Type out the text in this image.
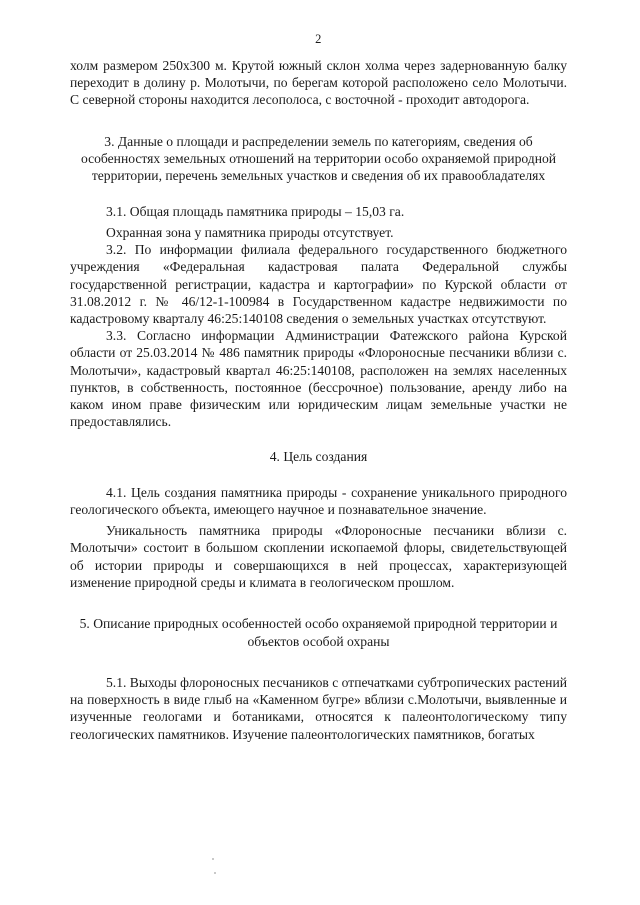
2

холм размером 250х300 м. Крутой южный склон холма через задернованную балку переходит в долину р. Молотычи, по берегам которой расположено село Молотычи. С северной стороны находится лесополоса, с восточной - проходит автодорога.

3. Данные о площади и распределении земель по категориям, сведения об особенностях земельных отношений на территории особо охраняемой природной территории, перечень земельных участков и сведения об их правообладателях

3.1. Общая площадь памятника природы – 15,03 га.

Охранная зона у памятника природы отсутствует.

3.2. По информации филиала федерального государственного бюджетного учреждения «Федеральная кадастровая палата Федеральной службы государственной регистрации, кадастра и картографии» по Курской области от 31.08.2012 г. № 46/12-1-100984 в Государственном кадастре недвижимости по кадастровому кварталу 46:25:140108 сведения о земельных участках отсутствуют.

3.3. Согласно информации Администрации Фатежского района Курской области от 25.03.2014 № 486 памятник природы «Флороносные песчаники вблизи с. Молотычи», кадастровый квартал 46:25:140108, расположен на землях населенных пунктов, в собственность, постоянное (бессрочное) пользование, аренду либо на каком ином праве физическим или юридическим лицам земельные участки не предоставлялись.

4. Цель создания

4.1. Цель создания памятника природы - сохранение уникального природного геологического объекта, имеющего научное и познавательное значение.

Уникальность памятника природы «Флороносные песчаники вблизи с. Молотычи» состоит в большом скоплении ископаемой флоры, свидетельствующей об истории природы и совершающихся в ней процессах, характеризующей изменение природной среды и климата в геологическом прошлом.

5. Описание природных особенностей особо охраняемой природной территории и объектов особой охраны

5.1. Выходы флороносных песчаников с отпечатками субтропических растений на поверхность в виде глыб на «Каменном бугре» вблизи с.Молотычи, выявленные и изученные геологами и ботаниками, относятся к палеонтологическому типу геологических памятников. Изучение палеонтологических памятников, богатых
